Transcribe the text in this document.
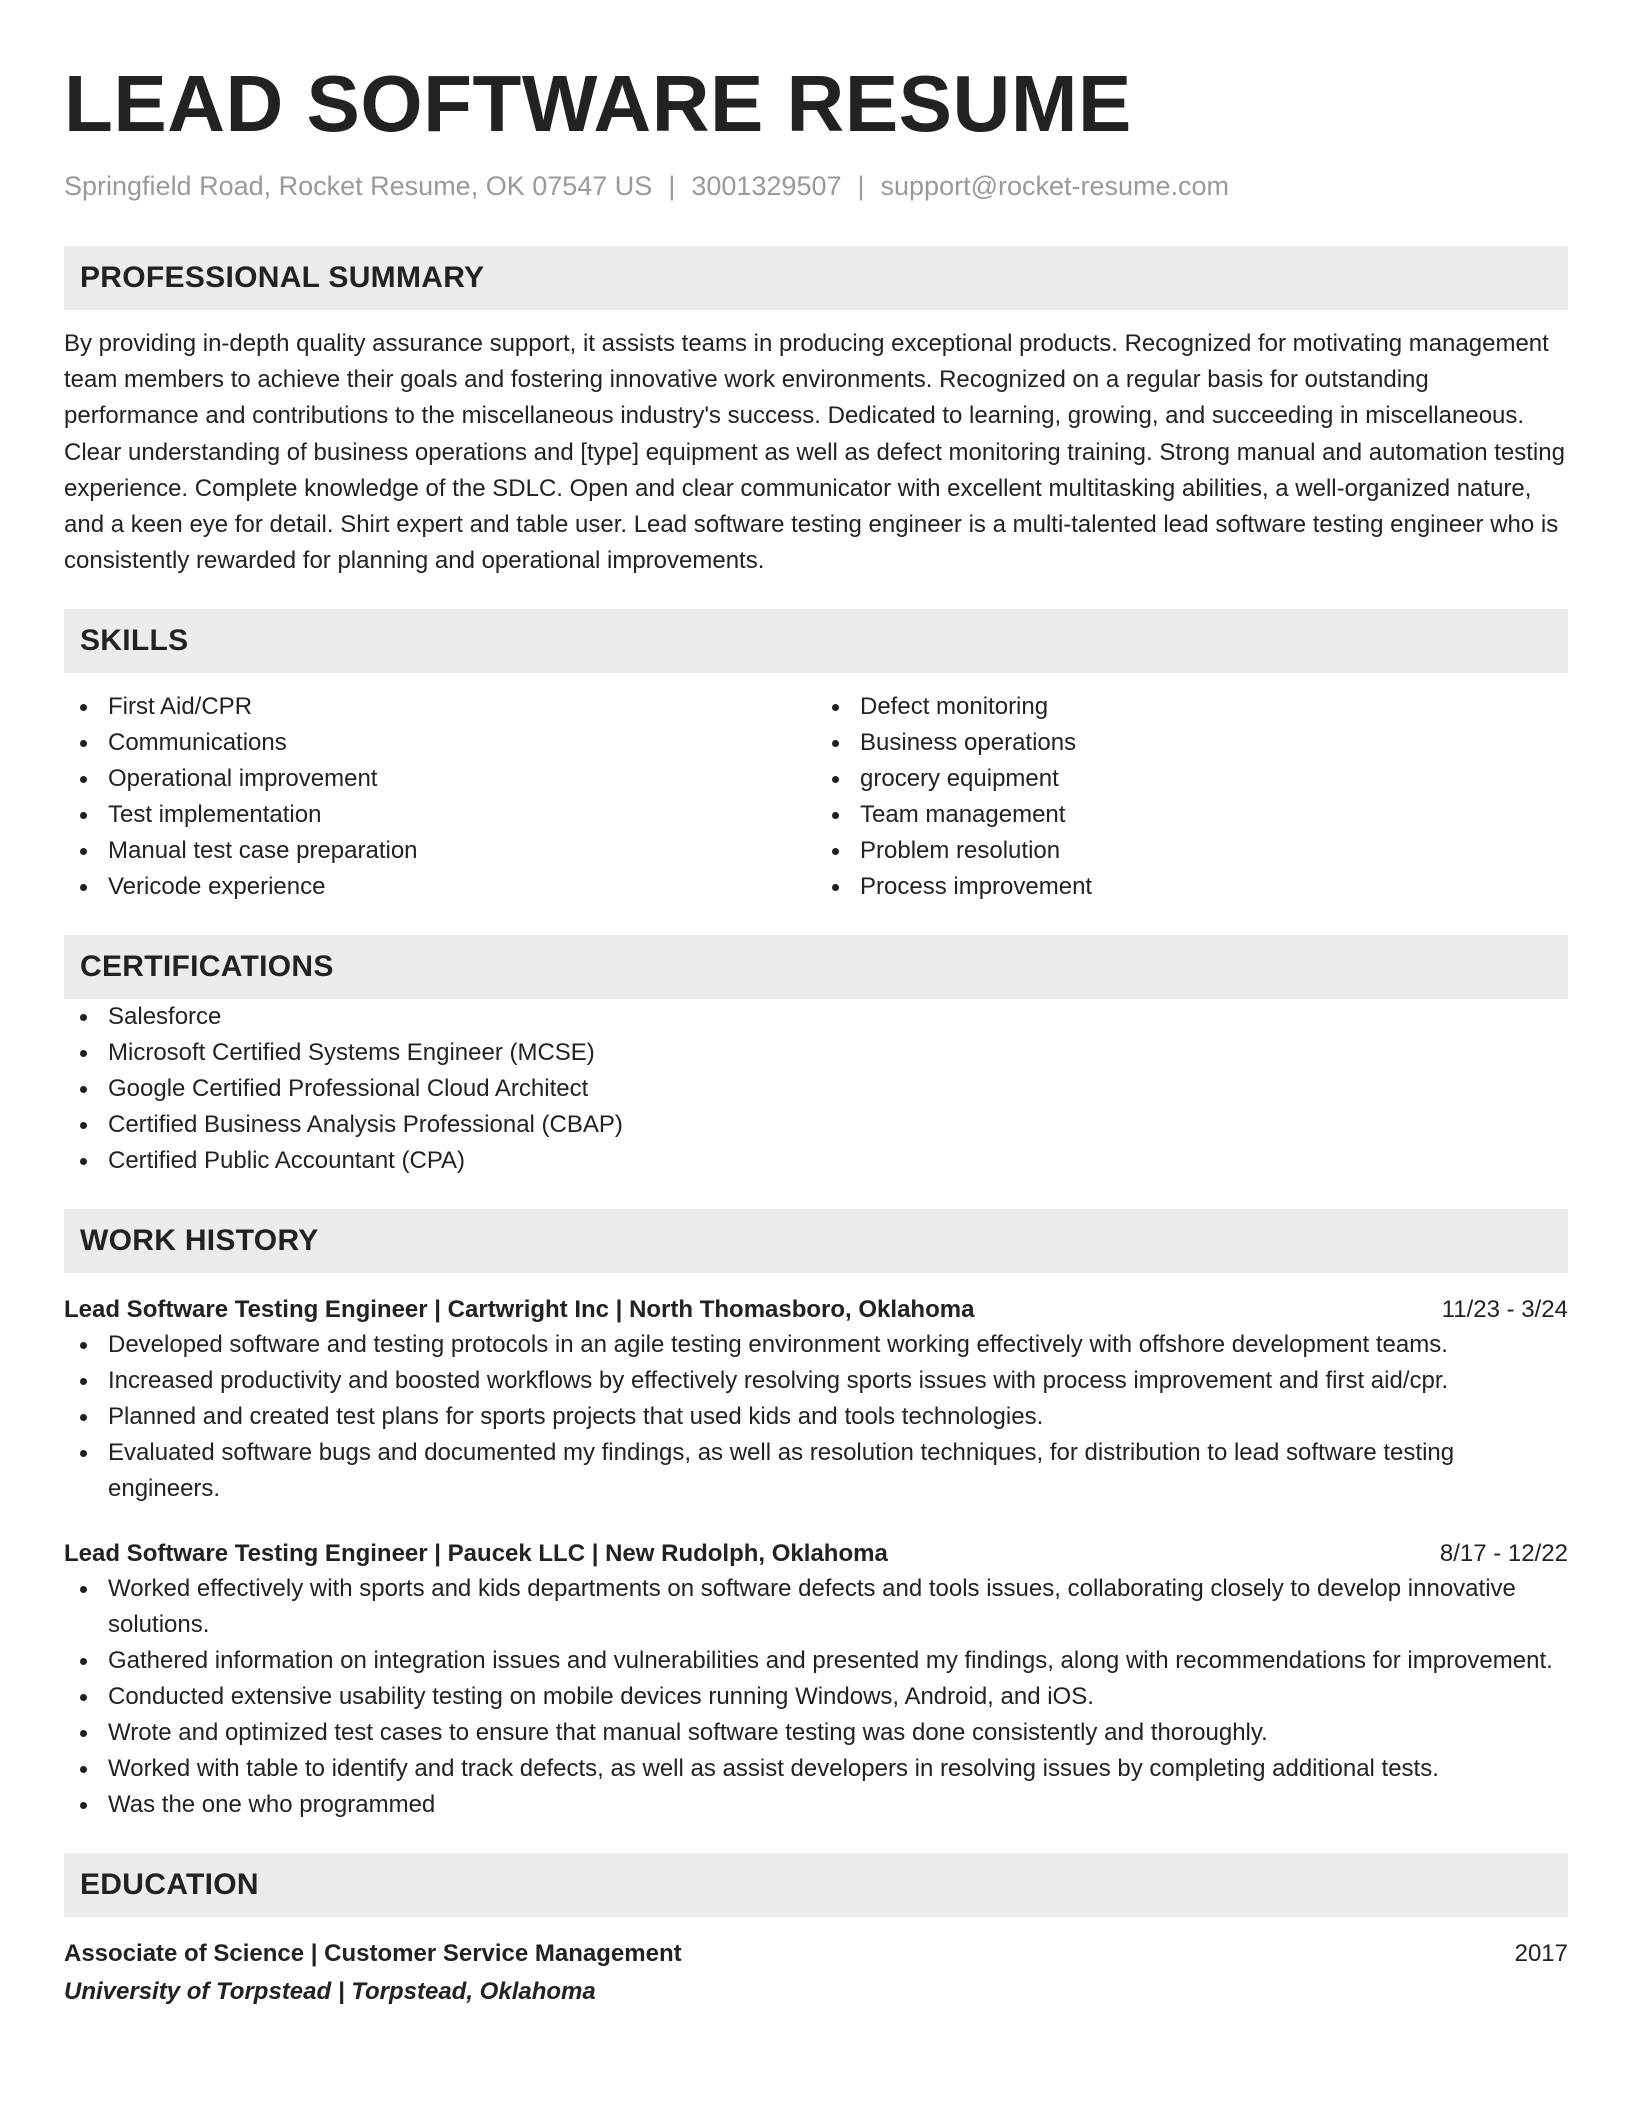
LEAD SOFTWARE RESUME
Springfield Road, Rocket Resume, OK 07547 US | 3001329507 | support@rocket-resume.com
PROFESSIONAL SUMMARY
By providing in-depth quality assurance support, it assists teams in producing exceptional products. Recognized for motivating management team members to achieve their goals and fostering innovative work environments. Recognized on a regular basis for outstanding performance and contributions to the miscellaneous industry's success. Dedicated to learning, growing, and succeeding in miscellaneous. Clear understanding of business operations and [type] equipment as well as defect monitoring training. Strong manual and automation testing experience. Complete knowledge of the SDLC. Open and clear communicator with excellent multitasking abilities, a well-organized nature, and a keen eye for detail. Shirt expert and table user. Lead software testing engineer is a multi-talented lead software testing engineer who is consistently rewarded for planning and operational improvements.
SKILLS
First Aid/CPR
Communications
Operational improvement
Test implementation
Manual test case preparation
Vericode experience
Defect monitoring
Business operations
grocery equipment
Team management
Problem resolution
Process improvement
CERTIFICATIONS
Salesforce
Microsoft Certified Systems Engineer (MCSE)
Google Certified Professional Cloud Architect
Certified Business Analysis Professional (CBAP)
Certified Public Accountant (CPA)
WORK HISTORY
Lead Software Testing Engineer | Cartwright Inc | North Thomasboro, Oklahoma	11/23 - 3/24
Developed software and testing protocols in an agile testing environment working effectively with offshore development teams.
Increased productivity and boosted workflows by effectively resolving sports issues with process improvement and first aid/cpr.
Planned and created test plans for sports projects that used kids and tools technologies.
Evaluated software bugs and documented my findings, as well as resolution techniques, for distribution to lead software testing engineers.
Lead Software Testing Engineer | Paucek LLC | New Rudolph, Oklahoma	8/17 - 12/22
Worked effectively with sports and kids departments on software defects and tools issues, collaborating closely to develop innovative solutions.
Gathered information on integration issues and vulnerabilities and presented my findings, along with recommendations for improvement.
Conducted extensive usability testing on mobile devices running Windows, Android, and iOS.
Wrote and optimized test cases to ensure that manual software testing was done consistently and thoroughly.
Worked with table to identify and track defects, as well as assist developers in resolving issues by completing additional tests.
Was the one who programmed
EDUCATION
Associate of Science | Customer Service Management	2017
University of Torpstead | Torpstead, Oklahoma
